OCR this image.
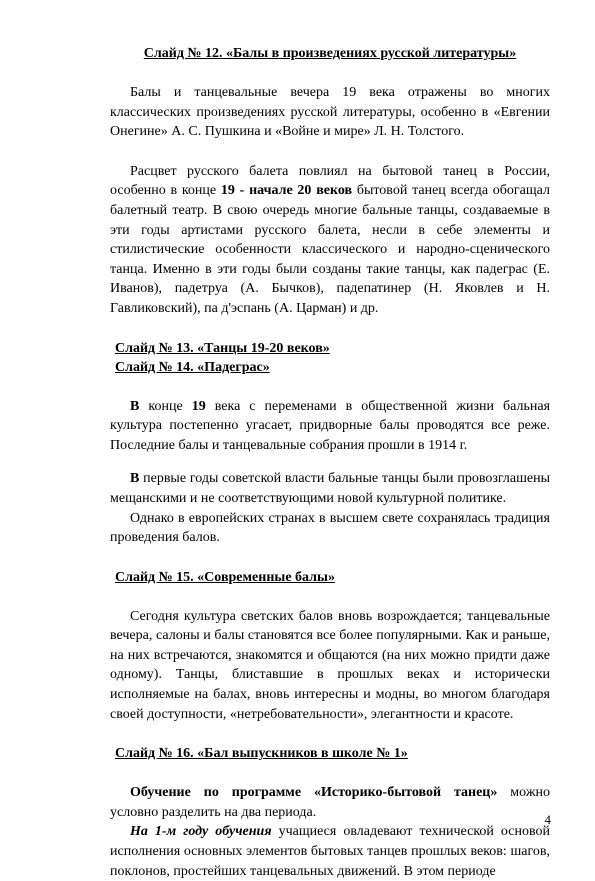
Слайд № 12. «Балы в произведениях русской литературы»

Балы и танцевальные вечера 19 века отражены во многих классических произведениях русской литературы, особенно в «Евгении Онегине» А. С. Пушкина и «Войне и мире» Л. Н. Толстого.

Расцвет русского балета повлиял на бытовой танец в России, особенно в конце 19 - начале 20 веков бытовой танец всегда обогащал балетный театр. В свою очередь многие бальные танцы, создаваемые в эти годы артистами русского балета, несли в себе элементы и стилистические особенности классического и народно-сценического танца. Именно в эти годы были созданы такие танцы, как падеграс (Е. Иванов), падетруа (А. Бычков), падепатинер (Н. Яковлев и Н. Гавликовский), па д'эспань (А. Царман) и др.

Слайд № 13. «Танцы 19-20 веков»
Слайд № 14. «Падеграс»

В конце 19 века с переменами в общественной жизни бальная культура постепенно угасает, придворные балы проводятся все реже. Последние балы и танцевальные собрания прошли в 1914 г.

В первые годы советской власти бальные танцы были провозглашены мещанскими и не соответствующими новой культурной политике.

Однако в европейских странах в высшем свете сохранялась традиция проведения балов.

Слайд № 15. «Современные балы»

Сегодня культура светских балов вновь возрождается; танцевальные вечера, салоны и балы становятся все более популярными. Как и раньше, на них встречаются, знакомятся и общаются (на них можно придти даже одному). Танцы, блиставшие в прошлых веках и исторически исполняемые на балах, вновь интересны и модны, во многом благодаря своей доступности, «нетребовательности», элегантности и красоте.

Слайд № 16. «Бал выпускников в школе № 1»

Обучение по программе «Историко-бытовой танец» можно условно разделить на два периода.

На 1-м году обучения учащиеся овладевают технической основой исполнения основных элементов бытовых танцев прошлых веков: шагов, поклонов, простейших танцевальных движений. В этом периоде

4
